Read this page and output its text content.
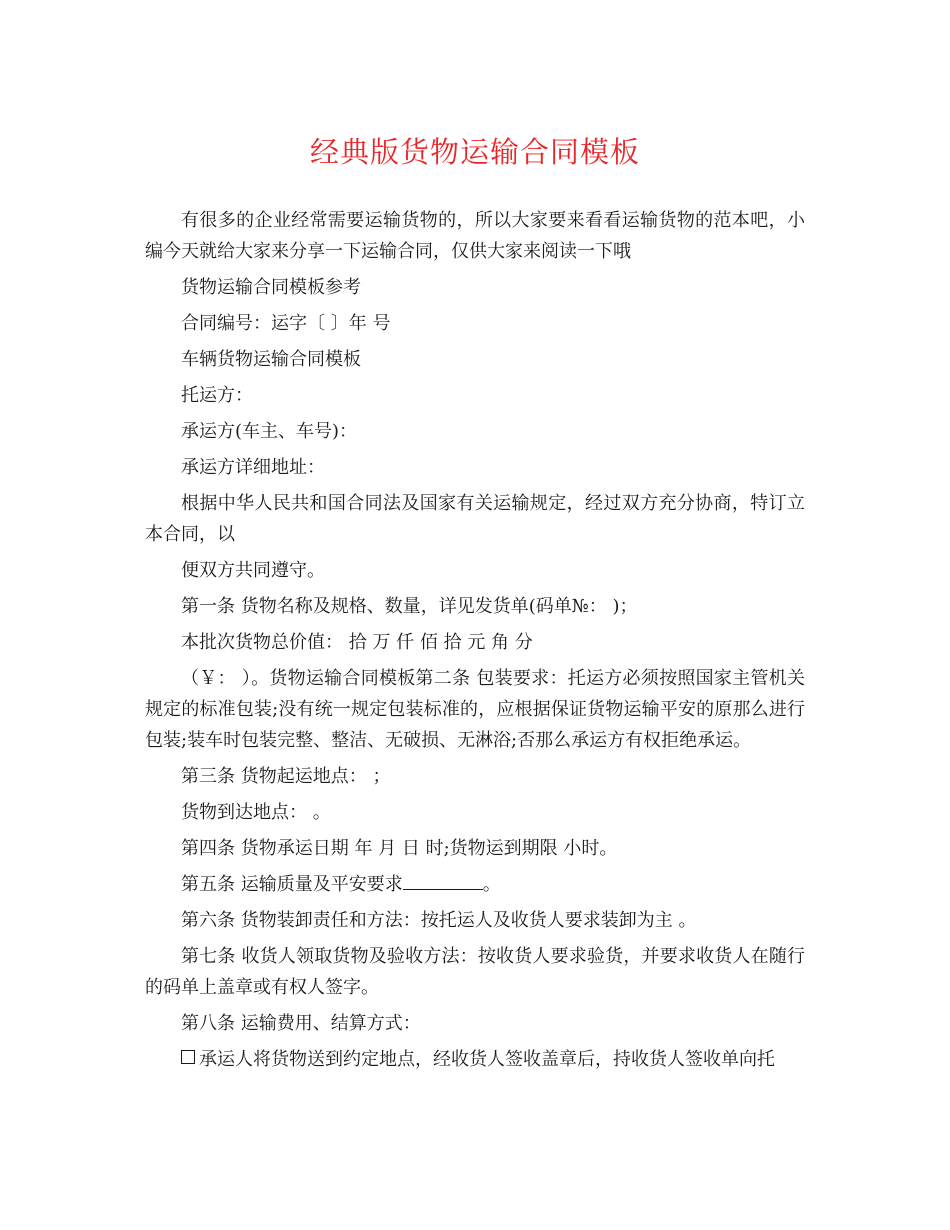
经典版货物运输合同模板

有很多的企业经常需要运输货物的，所以大家要来看看运输货物的范本吧，小编今天就给大家来分享一下运输合同，仅供大家来阅读一下哦

货物运输合同模板参考

合同编号：运字〔 〕年 号

车辆货物运输合同模板

托运方：

承运方(车主、车号)：

承运方详细地址：

根据中华人民共和国合同法及国家有关运输规定，经过双方充分协商，特订立本合同，以

便双方共同遵守。

第一条 货物名称及规格、数量，详见发货单(码单№： )；

本批次货物总价值： 拾 万 仟 佰 拾 元 角 分

（￥： ）。货物运输合同模板第二条 包装要求：托运方必须按照国家主管机关规定的标准包装;没有统一规定包装标准的，应根据保证货物运输平安的原那么进行包装;装车时包装完整、整洁、无破损、无淋浴;否那么承运方有权拒绝承运。

第三条 货物起运地点： ；

货物到达地点： 。

第四条 货物承运日期 年 月 日 时;货物运到期限 小时。

第五条 运输质量及平安要求	。

第六条 货物装卸责任和方法：按托运人及收货人要求装卸为主 。

第七条 收货人领取货物及验收方法：按收货人要求验货，并要求收货人在随行的码单上盖章或有权人签字。

第八条 运输费用、结算方式：

承运人将货物送到约定地点，经收货人签收盖章后，持收货人签收单向托
